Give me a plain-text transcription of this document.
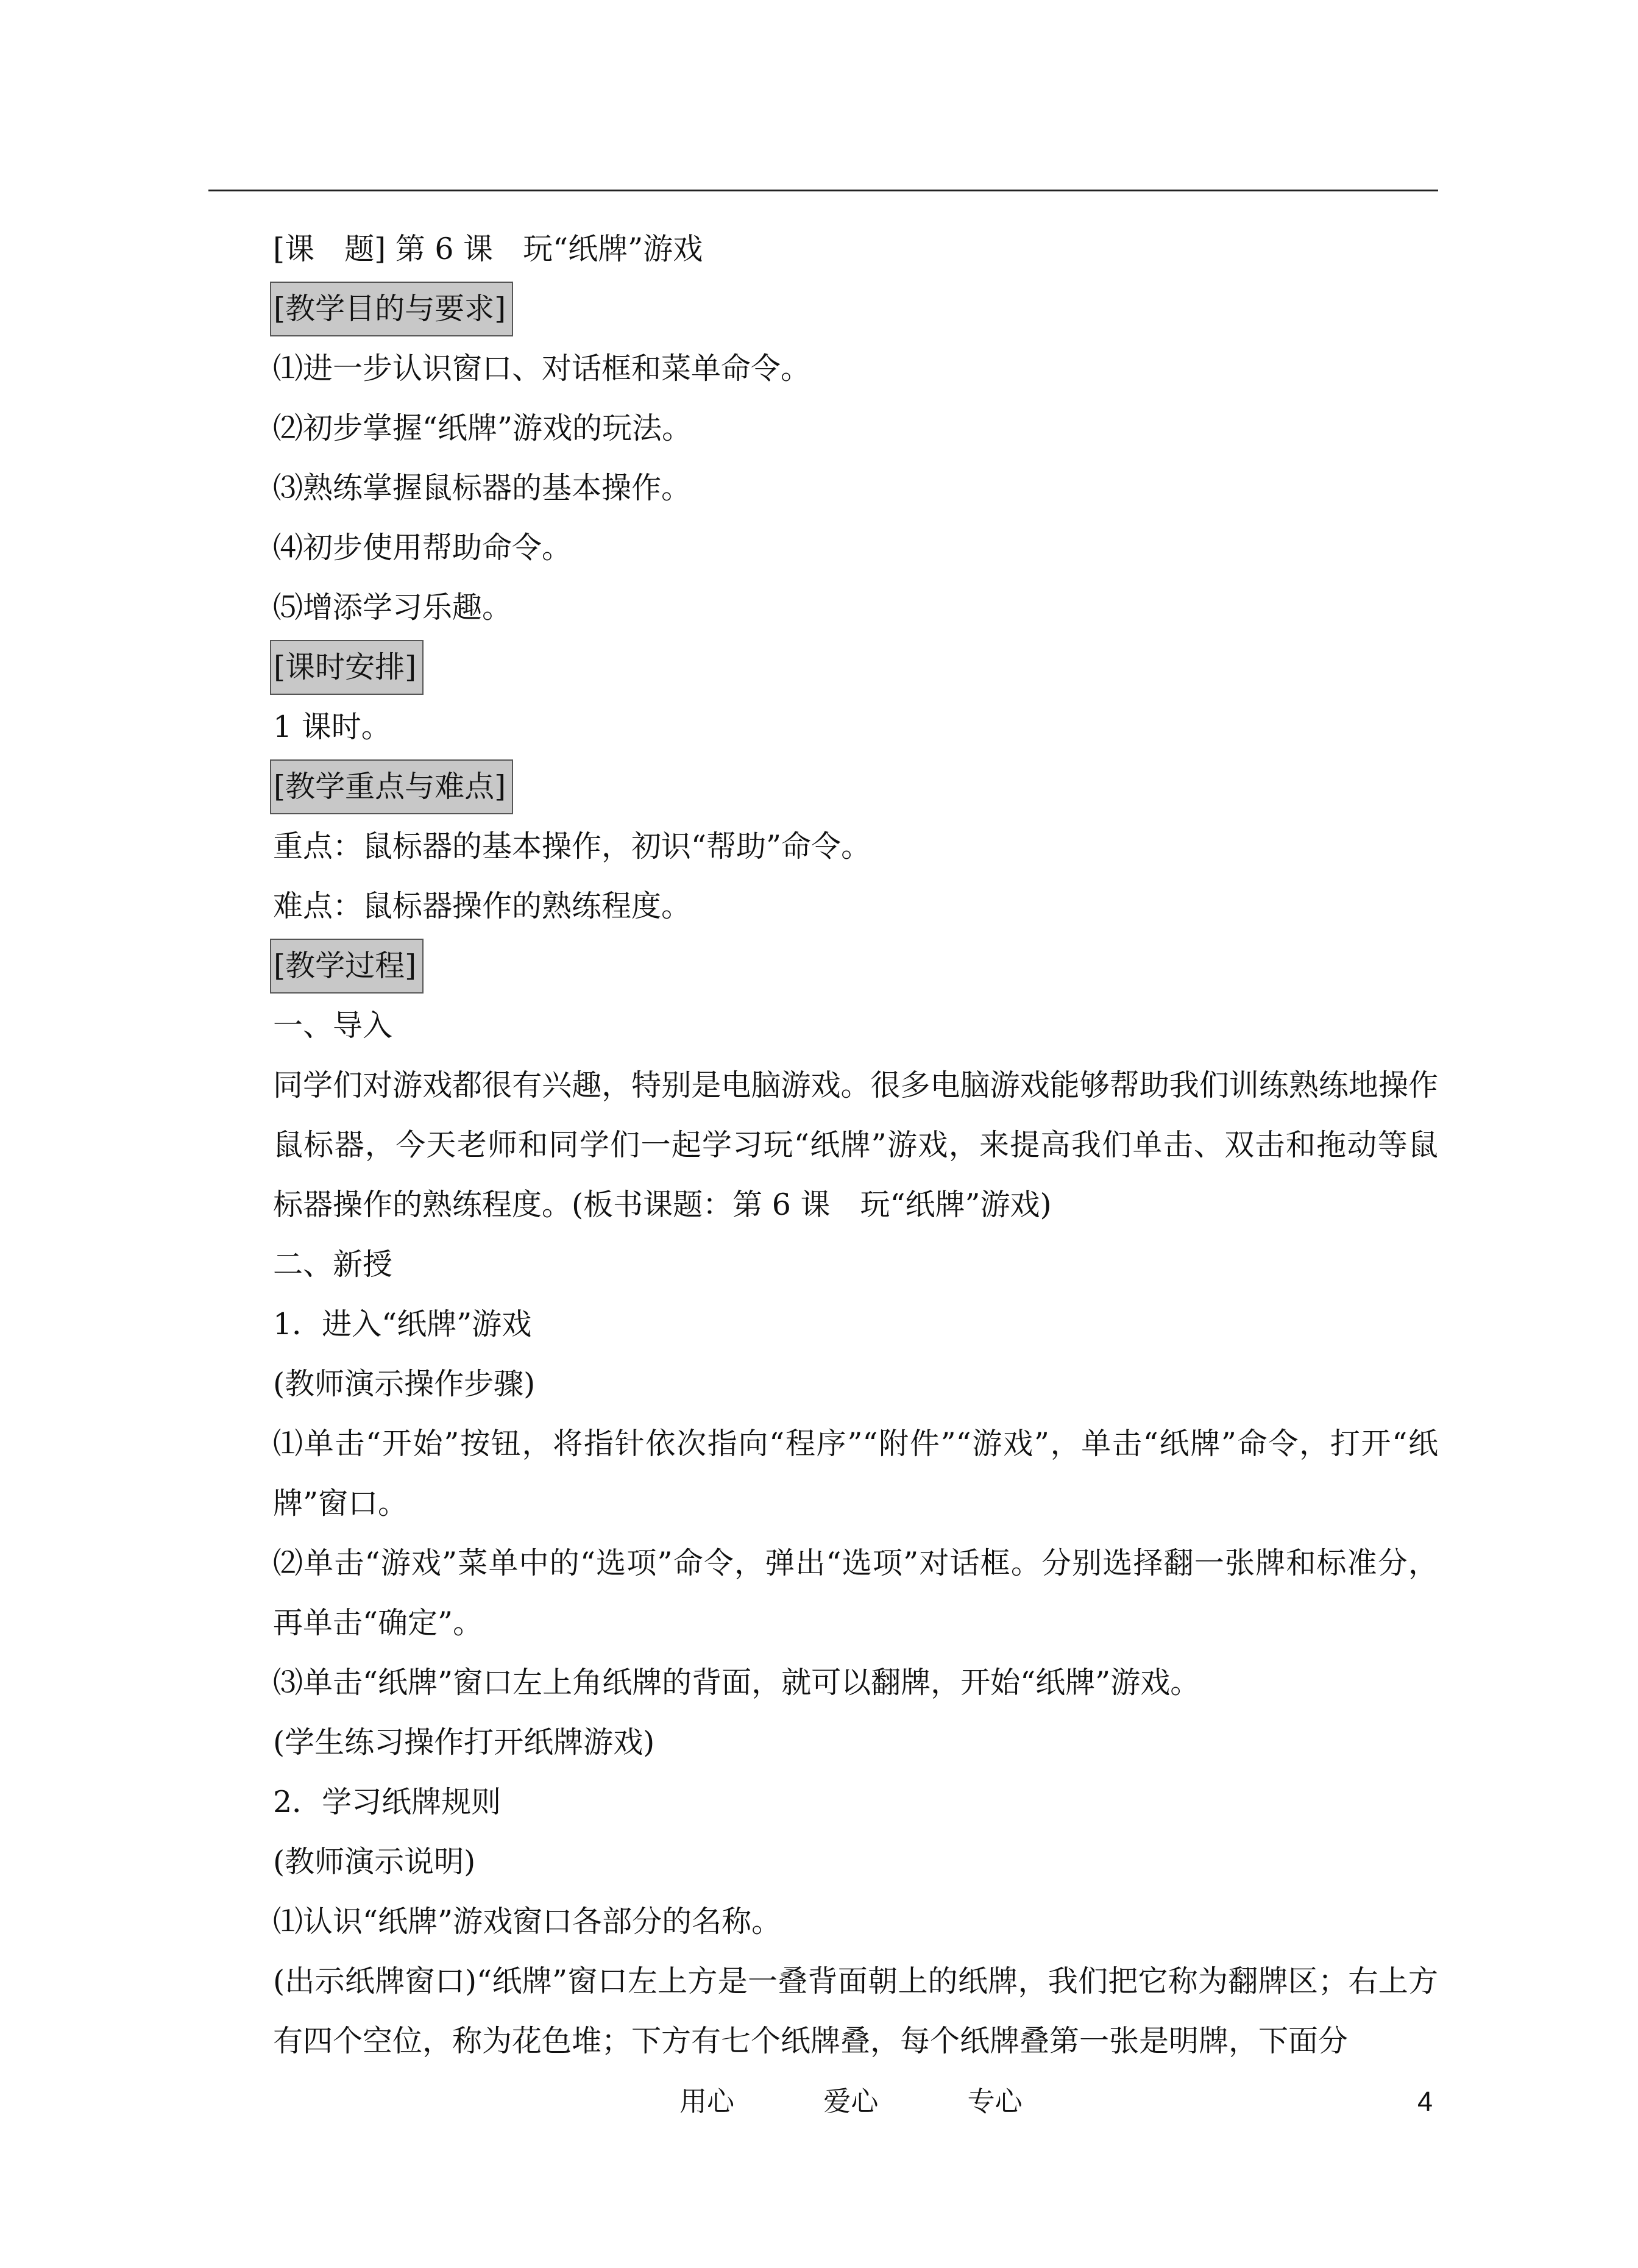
[课　题] 第 6 课　玩“纸牌”游戏

[教学目的与要求]

⑴进一步认识窗口、对话框和菜单命令。

⑵初步掌握“纸牌”游戏的玩法。

⑶熟练掌握鼠标器的基本操作。

⑷初步使用帮助命令。

⑸增添学习乐趣。

[课时安排]

1 课时。

[教学重点与难点]

重点：鼠标器的基本操作，初识“帮助”命令。

难点：鼠标器操作的熟练程度。

[教学过程]

一、导入

同学们对游戏都很有兴趣，特别是电脑游戏。很多电脑游戏能够帮助我们训练熟练地操作鼠标器，今天老师和同学们一起学习玩“纸牌”游戏，来提高我们单击、双击和拖动等鼠标器操作的熟练程度。(板书课题：第 6 课　玩“纸牌”游戏)

二、新授

1．进入“纸牌”游戏

(教师演示操作步骤)

⑴单击“开始”按钮，将指针依次指向“程序”“附件”“游戏”，单击“纸牌”命令，打开“纸牌”窗口。

⑵单击“游戏”菜单中的“选项”命令，弹出“选项”对话框。分别选择翻一张牌和标准分，再单击“确定”。

⑶单击“纸牌”窗口左上角纸牌的背面，就可以翻牌，开始“纸牌”游戏。

(学生练习操作打开纸牌游戏)

2．学习纸牌规则

(教师演示说明)

⑴认识“纸牌”游戏窗口各部分的名称。

(出示纸牌窗口)“纸牌”窗口左上方是一叠背面朝上的纸牌，我们把它称为翻牌区；右上方有四个空位，称为花色堆；下方有七个纸牌叠，每个纸牌叠第一张是明牌，下面分

用心	爱心	专心	4
